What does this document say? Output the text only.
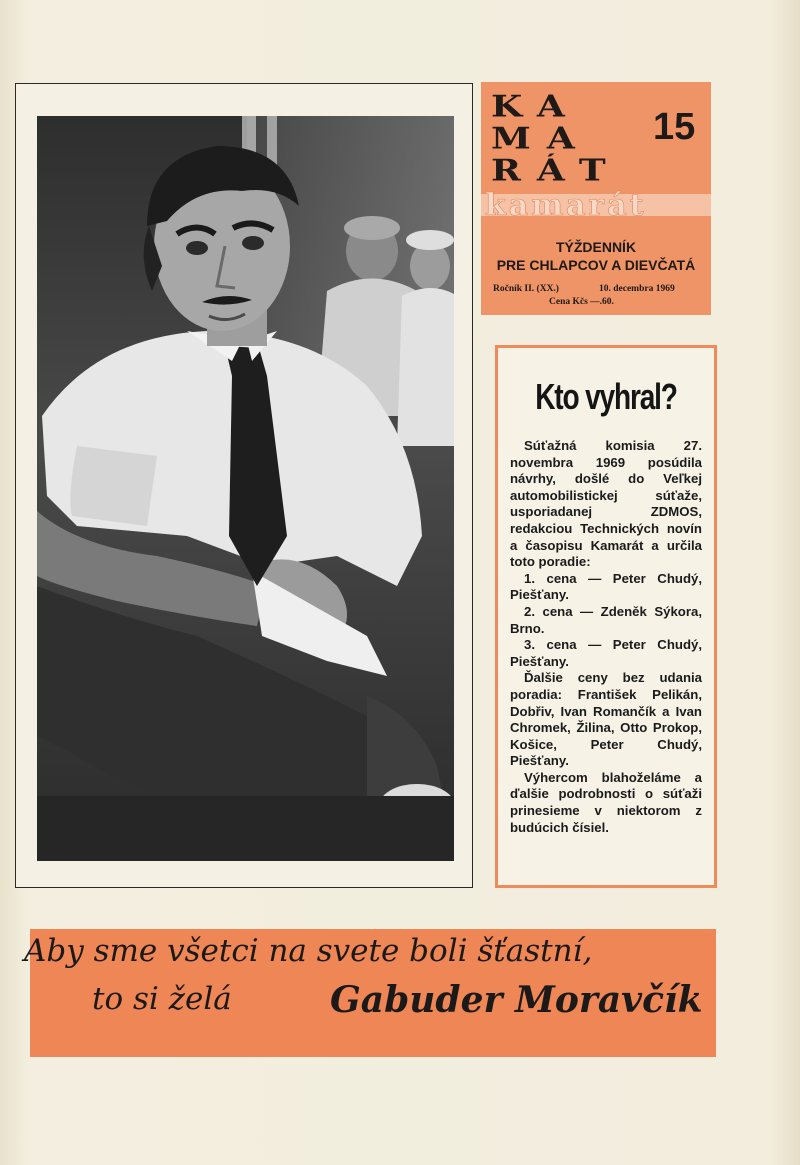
KA
MA
RÁT
15
kamarát
TÝŽDENNÍK
PRE CHLAPCOV A DIEVČATÁ
Ročník II. (XX.)	10. decembra 1969
Cena Kčs —.60.
Kto vyhral?

Súťažná komisia 27. novembra 1969 posúdila návrhy, došlé do Veľkej automobilistickej súťaže, usporiadanej ZDMOS, redakciou Technických novín a časopisu Kamarát a určila toto poradie:

1. cena — Peter Chudý, Piešťany.

2. cena — Zdeněk Sýkora, Brno.

3. cena — Peter Chudý, Piešťany.

Ďalšie ceny bez udania poradia: František Pelikán, Dobřiv, Ivan Romančík a Ivan Chromek, Žilina, Otto Prokop, Košice, Peter Chudý, Piešťany.

Výhercom blahoželáme a ďalšie podrobnosti o súťaži prinesieme v niektorom z budúcich čísiel.

Aby sme všetci na svete boli šťastní,
to si želá	Gabuder Moravčík
